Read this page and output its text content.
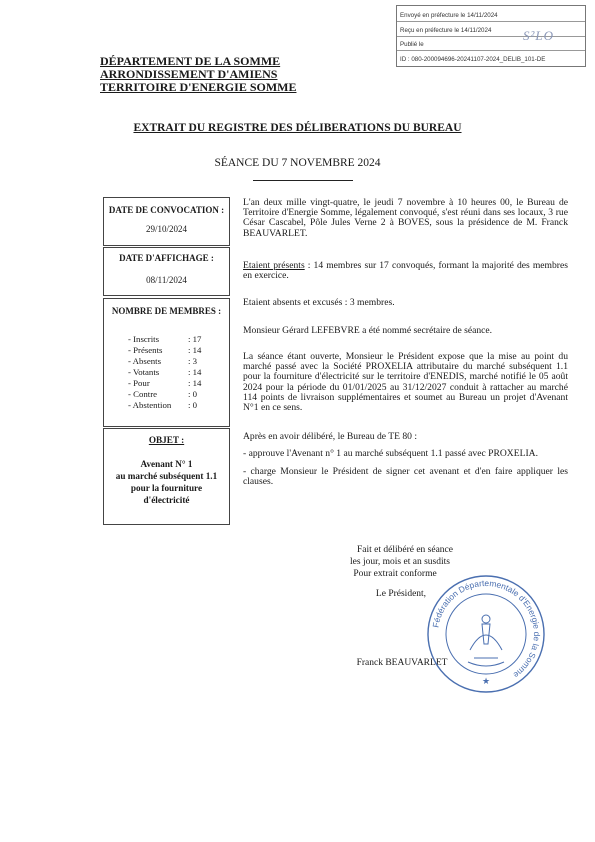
Envoyé en préfecture le 14/11/2024
Reçu en préfecture le 14/11/2024
Publié le
ID : 080-200094696-20241107-2024_DELIB_101-DE
S²LO
DÉPARTEMENT DE LA SOMME
ARRONDISSEMENT D'AMIENS
TERRITOIRE D'ENERGIE SOMME
EXTRAIT DU REGISTRE DES DÉLIBERATIONS DU BUREAU
SÉANCE DU 7 NOVEMBRE 2024
DATE DE CONVOCATION :
29/10/2024
DATE D'AFFICHAGE :
08/11/2024
NOMBRE DE MEMBRES :
- Inscrits	: 17
- Présents	: 14
- Absents	: 3
- Votants	: 14
- Pour	: 14
- Contre	: 0
- Abstention : 0
OBJET :
Avenant N° 1
au marché subséquent 1.1
pour la fourniture
d'électricité
L'an deux mille vingt-quatre, le jeudi 7 novembre à 10 heures 00, le Bureau de Territoire d'Energie Somme, légalement convoqué, s'est réuni dans ses locaux, 3 rue César Cascabel, Pôle Jules Verne 2 à BOVES, sous la présidence de M. Franck BEAUVARLET.
Etaient présents : 14 membres sur 17 convoqués, formant la majorité des membres en exercice.
Etaient absents et excusés : 3 membres.
Monsieur Gérard LEFEBVRE a été nommé secrétaire de séance.
La séance étant ouverte, Monsieur le Président expose que la mise au point du marché passé avec la Société PROXELIA attributaire du marché subséquent 1.1 pour la fourniture d'électricité sur le territoire d'ENEDIS, marché notifié le 05 août 2024 pour la période du 01/01/2025 au 31/12/2027 conduit à rattacher au marché 114 points de livraison supplémentaires et soumet au Bureau un projet d'Avenant N°1 en ce sens.
Après en avoir délibéré, le Bureau de TE 80 :
- approuve l'Avenant n° 1 au marché subséquent 1.1 passé avec PROXELIA.
- charge Monsieur le Président de signer cet avenant et d'en faire appliquer les clauses.
Fait et délibéré en séance
les jour, mois et an susdits
Pour extrait conforme
Le Président,
Franck BEAUVARLET
Fédération Départementale d'Energie de la Somme
★
